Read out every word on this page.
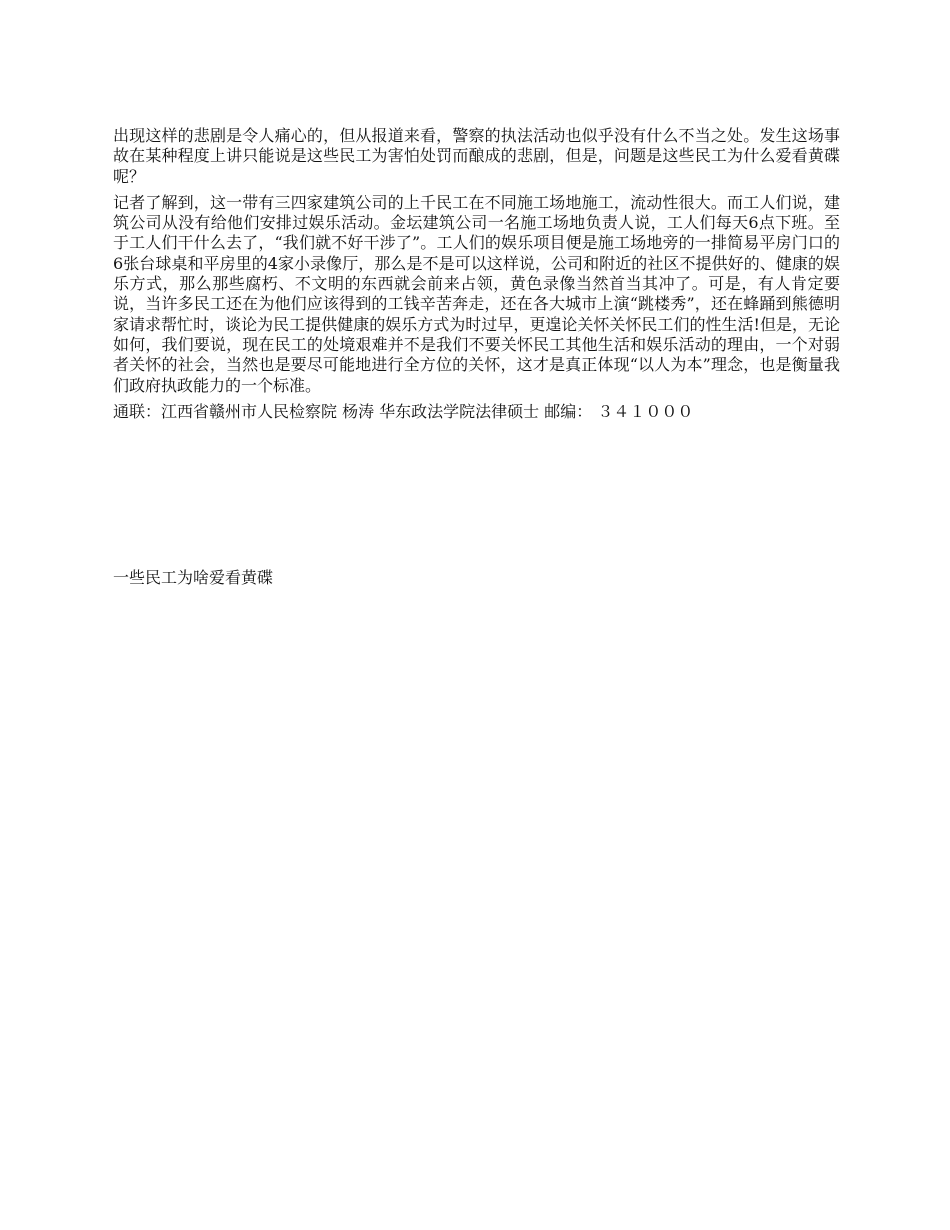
出现这样的悲剧是令人痛心的，但从报道来看，警察的执法活动也似乎没有什么不当之处。发生这场事故在某种程度上讲只能说是这些民工为害怕处罚而酿成的悲剧，但是，问题是这些民工为什么爱看黄碟呢？

记者了解到，这一带有三四家建筑公司的上千民工在不同施工场地施工，流动性很大。而工人们说，建筑公司从没有给他们安排过娱乐活动。金坛建筑公司一名施工场地负责人说，工人们每天6点下班。至于工人们干什么去了，“我们就不好干涉了”。工人们的娱乐项目便是施工场地旁的一排简易平房门口的6张台球桌和平房里的4家小录像厅，那么是不是可以这样说，公司和附近的社区不提供好的、健康的娱乐方式，那么那些腐朽、不文明的东西就会前来占领，黄色录像当然首当其冲了。可是，有人肯定要说，当许多民工还在为他们应该得到的工钱辛苦奔走，还在各大城市上演“跳楼秀”，还在蜂踊到熊德明家请求帮忙时，谈论为民工提供健康的娱乐方式为时过早，更遑论关怀关怀民工们的性生活!但是，无论如何，我们要说，现在民工的处境艰难并不是我们不要关怀民工其他生活和娱乐活动的理由，一个对弱者关怀的社会，当然也是要尽可能地进行全方位的关怀，这才是真正体现“以人为本”理念，也是衡量我们政府执政能力的一个标准。

通联：江西省赣州市人民检察院 杨涛 华东政法学院法律硕士 邮编： ３４１０００

一些民工为啥爱看黄碟
